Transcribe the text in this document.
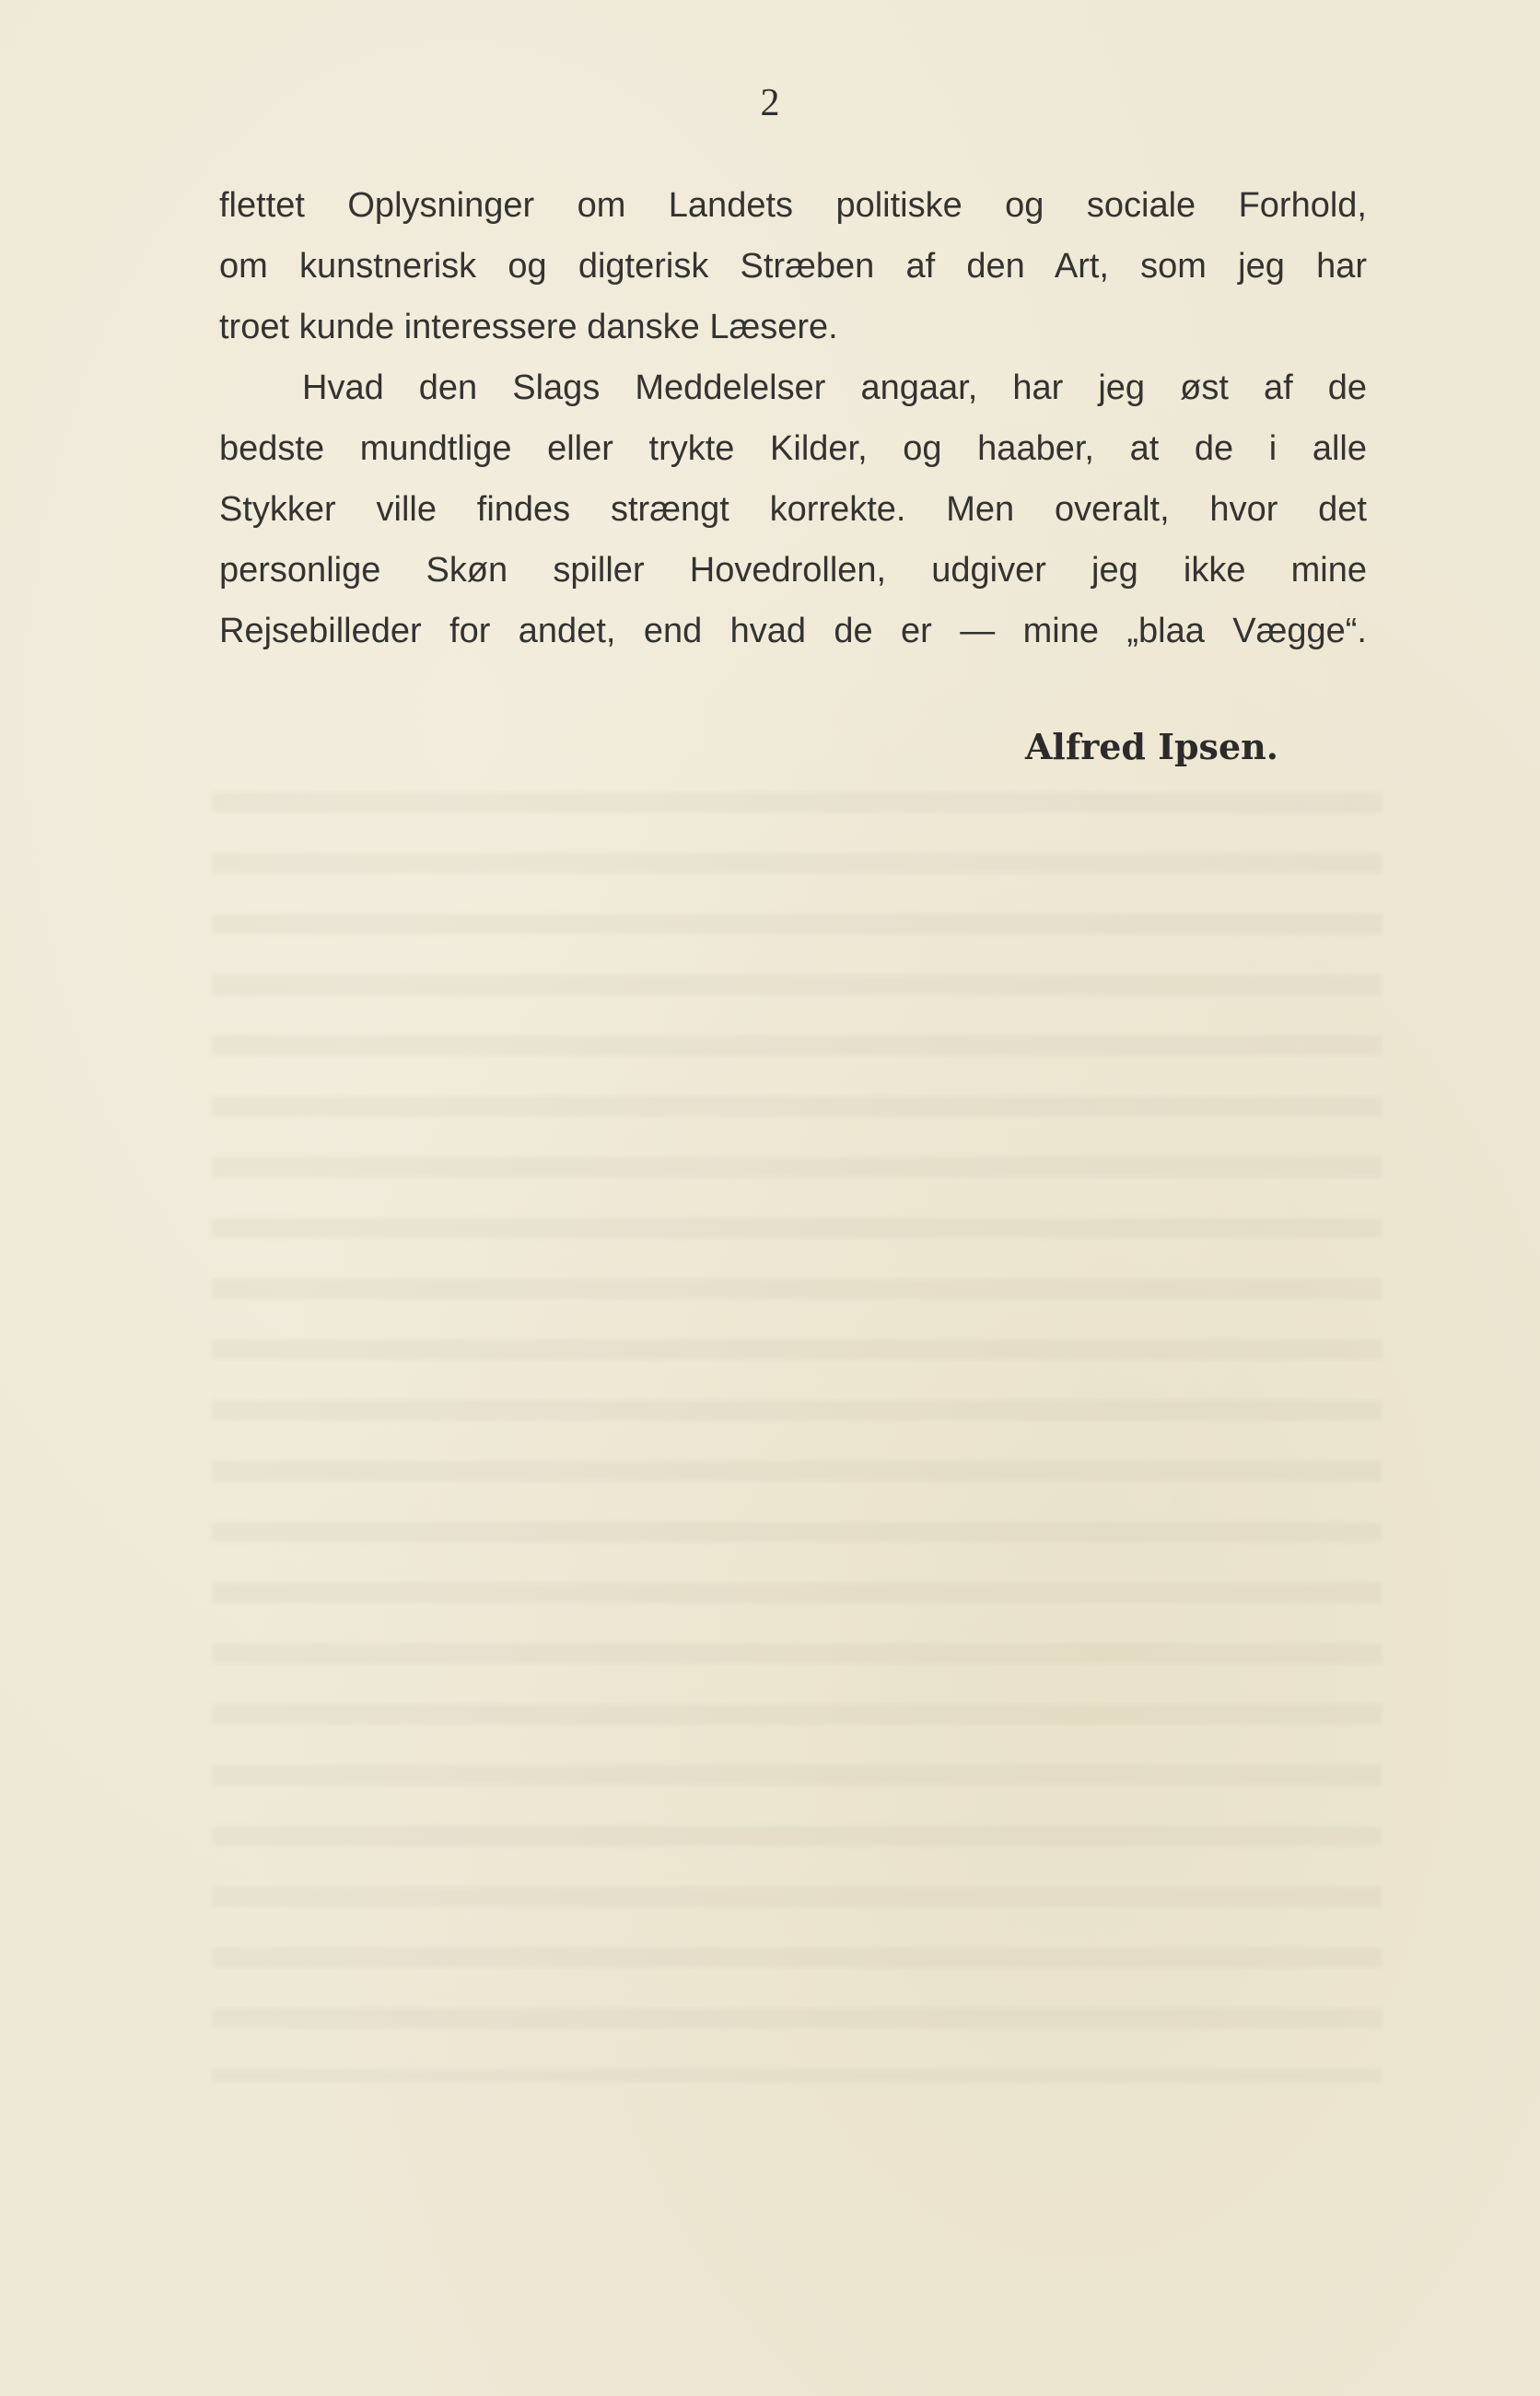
2

flettet Oplysninger om Landets politiske og sociale Forhold,
om kunstnerisk og digterisk Stræben af den Art, som jeg har
troet kunde interessere danske Læsere.

Hvad den Slags Meddelelser angaar, har jeg øst af de
bedste mundtlige eller trykte Kilder, og haaber, at de i alle
Stykker ville findes strængt korrekte. Men overalt, hvor det
personlige Skøn spiller Hovedrollen, udgiver jeg ikke mine
Rejsebilleder for andet, end hvad de er — mine „blaa Vægge“.

Alfred Ipsen.
